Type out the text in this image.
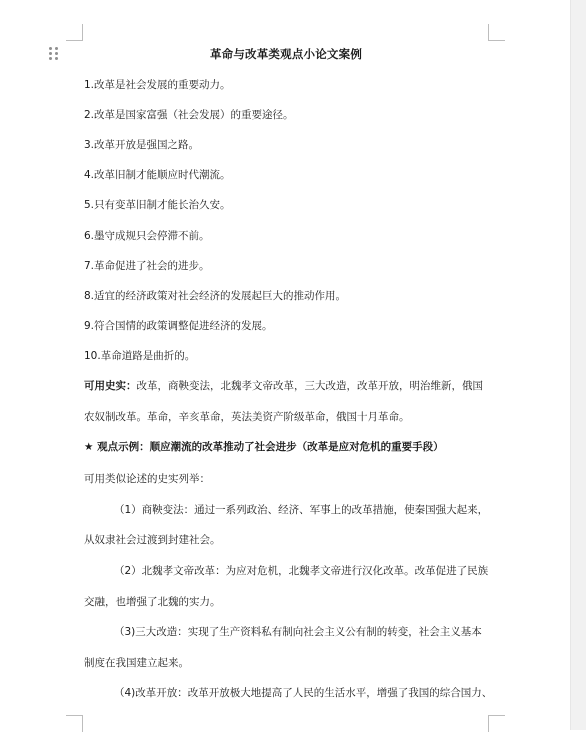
革命与改革类观点小论文案例
1.改革是社会发展的重要动力。
2.改革是国家富强（社会发展）的重要途径。
3.改革开放是强国之路。
4.改革旧制才能顺应时代潮流。
5.只有变革旧制才能长治久安。
6.墨守成规只会停滞不前。
7.革命促进了社会的进步。
8.适宜的经济政策对社会经济的发展起巨大的推动作用。
9.符合国情的政策调整促进经济的发展。
10.革命道路是曲折的。
可用史实：改革，商鞅变法，北魏孝文帝改革，三大改造，改革开放，明治维新，俄国
农奴制改革。革命，辛亥革命，英法美资产阶级革命，俄国十月革命。
★ 观点示例：顺应潮流的改革推动了社会进步（改革是应对危机的重要手段）
可用类似论述的史实列举：
（1）商鞅变法：通过一系列政治、经济、军事上的改革措施，使秦国强大起来，
从奴隶社会过渡到封建社会。
（2）北魏孝文帝改革：为应对危机，北魏孝文帝进行汉化改革。改革促进了民族
交融，也增强了北魏的实力。
（3)三大改造：实现了生产资料私有制向社会主义公有制的转变，社会主义基本
制度在我国建立起来。
（4)改革开放：改革开放极大地提高了人民的生活水平，增强了我国的综合国力、
